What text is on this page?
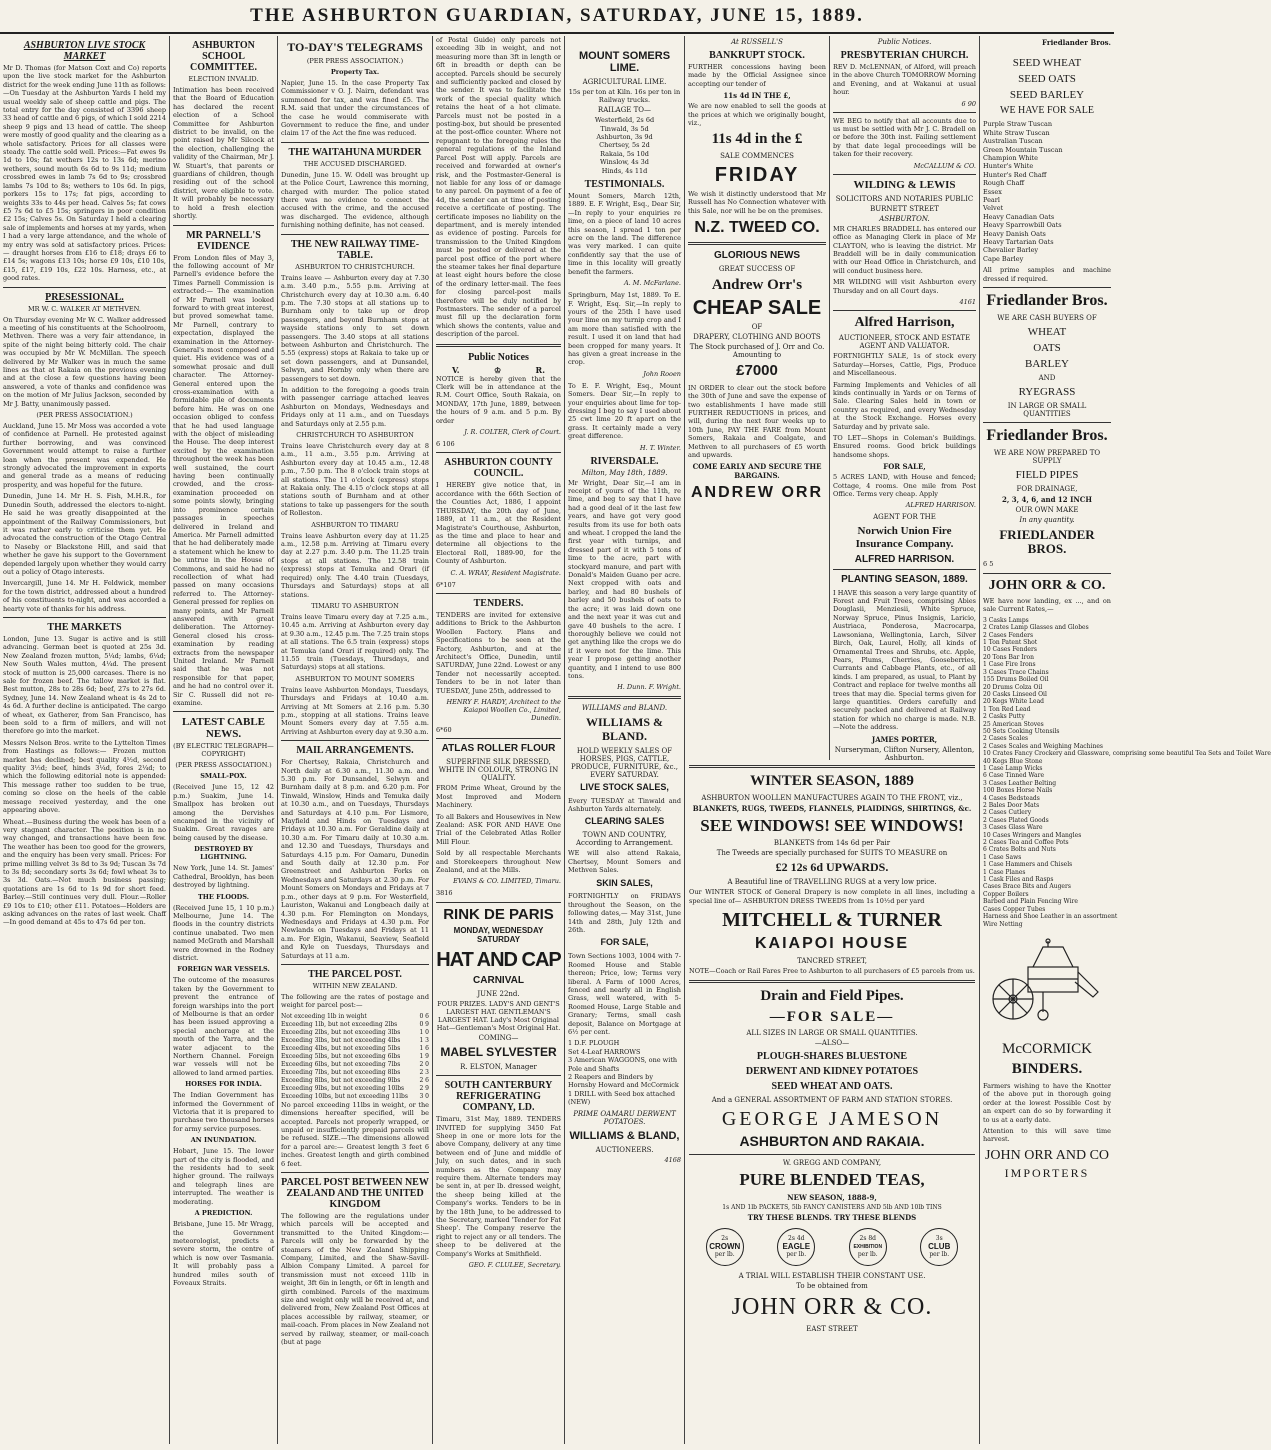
THE ASHBURTON GUARDIAN, SATURDAY, JUNE 15, 1889.
ASHBURTON LIVE STOCK MARKET

Mr D. Thomas (for Matson Coxt and Co) reports upon the live stock market for the Ashburton district for the week ending June 11th as follows:—On Tuesday at the Ashburton Yards I held my usual weekly sale of sheep cattle and pigs. The total entry for the day consisted of 3396 sheep 33 head of cattle and 6 pigs, of which I sold 2214 sheep 9 pigs and 13 head of cattle. The sheep were mostly of good quality and the clearing as a whole satisfactory. Prices for all classes were steady. The cattle sold well. Prices:—Fat ewes 9s 1d to 10s; fat wethers 12s to 13s 6d; merino wethers, sound mouth 6s 6d to 9s 11d; medium crossbred ewes in lamb 7s 6d to 9s; crossbred lambs 7s 10d to 8s; wethers to 10s 6d. In pigs, porkers 15s to 17s; fat pigs, according to weights 33s to 44s per head. Calves 5s; fat cows £5 7s 6d to £5 15s; springers in poor condition £2 15s; Calves 5s. On Saturday I held a clearing sale of implements and horses at my yards, when I had a very large attendance, and the whole of my entry was sold at satisfactory prices. Prices:— draught horses from £16 to £18; drays £6 to £14 5s; wagons £13 10s; horse £9 10s, £10 10s, £15, £17, £19 10s, £22 10s. Harness, etc., at good rates.

PRESESSIONAL.
MR W. C. WALKER AT METHVEN.

On Thursday evening Mr W. C. Walker addressed a meeting of his constituents at the Schoolroom, Methven. There was a very fair attendance, in spite of the night being bitterly cold. The chair was occupied by Mr W. McMillan. The speech delivered by Mr Walker was in much the same lines as that at Rakaia on the previous evening and at the close a few questions having been answered, a vote of thanks and confidence was on the motion of Mr Julius Jackson, seconded by Mr J. Batty, unanimously passed.

(PER PRESS ASSOCIATION.)

Auckland, June 15. Mr Moss was accorded a vote of confidence at Parnell. He protested against further borrowing, and was convinced Government would attempt to raise a further loan when the present was expended. He strongly advocated the improvement in exports and general trade as a means of reducing prosperity, and was hopeful for the future.

Dunedin, June 14. Mr H. S. Fish, M.H.R., for Dunedin South, addressed the electors to-night. He said he was greatly disappointed at the appointment of the Railway Commissioners, but it was rather early to criticise them yet. He advocated the construction of the Otago Central to Naseby or Blackstone Hill, and said that whether he gave his support to the Government depended largely upon whether they would carry out a policy of Otago interests.

Invercargill, June 14. Mr H. Feldwick, member for the town district, addressed about a hundred of his constituents to-night, and was accorded a hearty vote of thanks for his address.

THE MARKETS

London, June 13. Sugar is active and is still advancing. German beet is quoted at 25s 3d. New Zealand frozen mutton, 5¼d; lambs, 6¼d; New South Wales mutton, 4¼d. The present stock of mutton is 25,000 carcases. There is no sale for frozen beef. The tallow market is flat. Best mutton, 28s to 28s 6d; beef, 27s to 27s 6d. Sydney, June 14. New Zealand wheat is 4s 2d to 4s 6d. A further decline is anticipated. The cargo of wheat, ex Gatherer, from San Francisco, has been sold to a firm of millers, and will not therefore go into the market.

Messrs Nelson Bros. write to the Lyttelton Times from Hastings as follows:— Frozen mutton market has declined; best quality 4½d, second quality 3½d; beef, hinds 3¼d, fores 2¼d; to which the following editorial note is appended: This message rather too sudden to be true, coming so close on the heels of the cable message received yesterday, and the one appearing above.

Wheat.—Business during the week has been of a very stagnant character. The position is in no way changed, and transactions have been few. The weather has been too good for the growers, and the enquiry has been very small. Prices: For prime milling velvet 3s 8d to 3s 9d; Tuscan 3s 7d to 3s 8d; secondary sorts 3s 6d; fowl wheat 3s to 3s 3d. Oats.—Not much business passing; quotations are 1s 6d to 1s 9d for short feed. Barley.—Still continues very dull. Flour.—Roller £9 10s to £10; other £11. Potatoes—Holders are asking advances on the rates of last week. Chaff—In good demand at 45s to 47s 6d per ton.

ASHBURTON SCHOOL COMMITTEE.
ELECTION INVALID.

Intimation has been received that the Board of Education has declared the recent election of a School Committee for Ashburton district to be invalid, on the point raised by Mr Silcock at the election, challenging the validity of the Chairman, Mr J. W. Stuart's, that parents or guardians of children, though residing out of the school district, were eligible to vote. It will probably be necessary to hold a fresh election shortly.

MR PARNELL'S EVIDENCE

From London files of May 3, the following account of Mr Parnell's evidence before the Times Parnell Commission is extracted:— The examination of Mr Parnell was looked forward to with great interest, but proved somewhat tame. Mr Parnell, contrary to expectation, displayed the examination in the Attorney-General's most composed and quiet. His evidence was of a somewhat prosaic and dull character. The Attorney-General entered upon the cross-examination with a formidable pile of documents before him. He was on one occasion obliged to confess that he had used language with the object of misleading the House. The deep interest excited by the examination throughout the week has been well sustained, the court having been continually crowded, and the cross-examination proceeded on some points slowly, bringing into prominence certain passages in speeches delivered in Ireland and America. Mr Parnell admitted that he had deliberately made a statement which he knew to be untrue in the House of Commons, and said he had no recollection of what had passed on many occasions referred to. The Attorney-General pressed for replies on many points, and Mr Parnell answered with great deliberation. The Attorney-General closed his cross-examination by reading extracts from the newspaper United Ireland. Mr Parnell said that he was not responsible for that paper, and he had no control over it. Sir C. Russell did not re-examine.

LATEST CABLE NEWS.
(BY ELECTRIC TELEGRAPH—COPYRIGHT)
(PER PRESS ASSOCIATION.)
SMALL-POX.

(Received June 15, 12 42 p.m.) Suakim, June 14. Smallpox has broken out among the Dervishes encamped in the vicinity of Suakim. Great ravages are being caused by the disease.

DESTROYED BY LIGHTNING.

New York, June 14. St. James' Cathedral, Brooklyn, has been destroyed by lightning.

THE FLOODS.

(Received June 15, 1 10 p.m.) Melbourne, June 14. The floods in the country districts continue unabated. Two men named McGrath and Marshall were drowned in the Rodney district.

FOREIGN WAR VESSELS.

The outcome of the measures taken by the Government to prevent the entrance of foreign warships into the port of Melbourne is that an order has been issued approving a special anchorage at the mouth of the Yarra, and the water adjacent to the Northern Channel. Foreign war vessels will not be allowed to land armed parties.

HORSES FOR INDIA.

The Indian Government has informed the Government of Victoria that it is prepared to purchase two thousand horses for army service purposes.

AN INUNDATION.

Hobart, June 15. The lower part of the city is flooded, and the residents had to seek higher ground. The railways and telegraph lines are interrupted. The weather is moderating.

A PREDICTION.

Brisbane, June 15. Mr Wragg, the Government meteorologist, predicts a severe storm, the centre of which is now over Tasmania. It will probably pass a hundred miles south of Foveaux Straits.

TO-DAY'S TELEGRAMS
(PER PRESS ASSOCIATION.)
Property Tax.

Napier, June 15. In the case Property Tax Commissioner v O. J. Nairn, defendant was summoned for tax, and was fined £5. The R.M. said that under the circumstances of the case he would commiserate with Government to reduce the fine, and under claim 17 of the Act the fine was reduced.

THE WAITAHUNA MURDER
THE ACCUSED DISCHARGED.

Dunedin, June 15. W. Odell was brought up at the Police Court, Lawrence this morning, charged with murder. The police stated there was no evidence to connect the accused with the crime, and the accused was discharged. The evidence, although furnishing nothing definite, has not ceased.

THE NEW RAILWAY TIME-TABLE.
ASHBURTON TO CHRISTCHURCH.

Trains leave — Ashburton every day at 7.30 a.m. 3.40 p.m., 5.55 p.m. Arriving at Christchurch every day at 10.30 a.m. 6.40 p.m. The 7.30 stops at all stations up to Burnham only to take up or drop passengers, and beyond Burnham stops at wayside stations only to set down passengers. The 3.40 stops at all stations between Ashburton and Christchurch. The 5.55 (express) stops at Rakaia to take up or set down passengers, and at Dunsandel, Selwyn, and Hornby only when there are passengers to set down.

In addition to the foregoing a goods train with passenger carriage attached leaves Ashburton on Mondays, Wednesdays and Fridays only at 11 a.m., and on Tuesdays and Saturdays only at 2.55 p.m.

CHRISTCHURCH TO ASHBURTON

Trains leave Christchurch every day at 8 a.m., 11 a.m., 3.55 p.m. Arriving at Ashburton every day at 10.45 a.m., 12.48 p.m., 7.50 p.m. The 8 o'clock train stops at all stations. The 11 o'clock (express) stops at Rakaia only. The 4.15 o'clock stops at all stations south of Burnham and at other stations to take up passengers for the south of Rolleston.

ASHBURTON TO TIMARU

Trains leave Ashburton every day at 11.25 a.m., 12.58 p.m. Arriving at Timaru every day at 2.27 p.m. 3.40 p.m. The 11.25 train stops at all stations. The 12.58 train (express) stops at Temuka and Orari (if required) only. The 4.40 train (Tuesdays, Thursdays and Saturdays) stops at all stations.

TIMARU TO ASHBURTON

Trains leave Timaru every day at 7.25 a.m., 10.45 a.m. Arriving at Ashburton every day at 9.30 a.m., 12.45 p.m. The 7.25 train stops at all stations. The 6.5 train (express) stops at Temuka (and Orari if required) only. The 11.55 train (Tuesdays, Thursdays, and Saturdays) stops at all stations.

ASHBURTON TO MOUNT SOMERS

Trains leave Ashburton Mondays, Tuesdays, Thursdays and Fridays at 10.40 a.m. Arriving at Mt Somers at 2.16 p.m. 5.30 p.m., stopping at all stations. Trains leave Mount Somers every day at 7.55 a.m. Arriving at Ashburton every day at 9.30 a.m.

MAIL ARRANGEMENTS.

For Chertsey, Rakaia, Christchurch and North daily at 6.30 a.m., 11.30 a.m. and 5.30 p.m. For Dunsandel, Selwyn and Burnham daily at 8 p.m. and 6.20 p.m. For Tinwald, Winslow, Hinds and Temuka daily at 10.30 a.m., and on Tuesdays, Thursdays and Saturdays at 4.10 p.m. For Lismore, Mayfield and Hinds on Tuesdays and Fridays at 10.30 a.m. For Geraldine daily at 10.30 a.m. For Timaru daily at 10.30 a.m. and 12.30 and Tuesdays, Thursdays and Saturdays 4.15 p.m. For Oamaru, Dunedin and South daily at 12.30 p.m. For Greenstreet and Ashburton Forks on Wednesdays and Saturdays at 2.30 p.m. For Mount Somers on Mondays and Fridays at 7 p.m., other days at 9 p.m. For Westerfield, Lauriston, Wakanui and Longbeach daily at 4.30 p.m. For Flemington on Mondays, Wednesdays and Fridays at 4.30 p.m. For Newlands on Tuesdays and Fridays at 11 a.m. For Elgin, Wakanui, Seaview, Seafield and Kyle on Tuesdays, Thursdays and Saturdays at 11 a.m.

THE PARCEL POST.
WITHIN NEW ZEALAND.

The following are the rates of postage and weight for parcel post:—

Not exceeding 1lb in weight	0 6
Exceeding 1lb, but not exceeding 2lbs	0 9
Exceeding 2lbs, but not exceeding 3lbs	1 0
Exceeding 3lbs, but not exceeding 4lbs	1 3
Exceeding 4lbs, but not exceeding 5lbs	1 6
Exceeding 5lbs, but not exceeding 6lbs	1 9
Exceeding 6lbs, but not exceeding 7lbs	2 0
Exceeding 7lbs, but not exceeding 8lbs	2 3
Exceeding 8lbs, but not exceeding 9lbs	2 6
Exceeding 9lbs, but not exceeding 10lbs	2 9
Exceeding 10lbs, but not exceeding 11lbs	3 0

No parcel exceeding 11lbs in weight, or the dimensions hereafter specified, will be accepted. Parcels not properly wrapped, or unpaid or insufficiently prepaid parcels will be refused. SIZE.—The dimensions allowed for a parcel are:— Greatest length 3 feet 6 inches. Greatest length and girth combined 6 feet.

PARCEL POST BETWEEN NEW ZEALAND AND THE UNITED KINGDOM

The following are the regulations under which parcels will be accepted and transmitted to the United Kingdom:— Parcels will only be forwarded by the steamers of the New Zealand Shipping Company, Limited, and the Shaw-Savill-Albion Company Limited. A parcel for transmission must not exceed 11lb in weight, 3ft 6in in length, or 6ft in length and girth combined. Parcels of the maximum size and weight only will be received at, and delivered from, New Zealand Post Offices at places accessible by railway, steamer, or mail-coach. From places in New Zealand not served by railway, steamer, or mail-coach (but at page

of Postal Guide) only parcels not exceeding 3lb in weight, and not measuring more than 3ft in length or 6ft in breadth or depth can be accepted. Parcels should be securely and sufficiently packed and closed by the sender. It was to facilitate the work of the special quality which retains the heat of a hot climate. Parcels must not be posted in a posting-box, but should be presented at the post-office counter. Where not repugnant to the foregoing rules the general regulations of the Inland Parcel Post will apply. Parcels are received and forwarded at owner's risk, and the Postmaster-General is not liable for any loss of or damage to any parcel. On payment of a fee of 4d, the sender can at time of posting receive a certificate of posting. The certificate imposes no liability on the department, and is merely intended as evidence of posting. Parcels for transmission to the United Kingdom must be posted or delivered at the parcel post office of the port where the steamer takes her final departure at least eight hours before the close of the ordinary letter-mail. The fees for closing parcel-post mails therefore will be duly notified by Postmasters. The sender of a parcel must fill up the declaration form which shows the contents, value and description of the parcel.

Public Notices
V.	♔	R.

NOTICE is hereby given that the Clerk will be in attendance at the R.M. Court Office, South Rakaia, on MONDAY, 17th June, 1889, between the hours of 9 a.m. and 5 p.m. By order

J. R. COLTER, Clerk of Court.
6 106
ASHBURTON COUNTY COUNCIL.

I HEREBY give notice that, in accordance with the 66th Section of the Counties Act, 1886, I appoint THURSDAY, the 20th day of June, 1889, at 11 a.m., at the Resident Magistrate's Courthouse, Ashburton, as the time and place to hear and determine all objections to the Electoral Roll, 1889-90, for the County of Ashburton.

C. A. WRAY, Resident Magistrate.
6*107
TENDERS.

TENDERS are invited for extensive additions to Brick to the Ashburton Woollen Factory. Plans and Specifications to be seen at the Factory, Ashburton, and at the Architect's Office, Dunedin, until SATURDAY, June 22nd. Lowest or any Tender not necessarily accepted. Tenders to be in not later than TUESDAY, June 25th, addressed to

HENRY F. HARDY, Architect to the Kaiapoi Woollen Co., Limited, Dunedin.
6*60
ATLAS ROLLER FLOUR
SUPERFINE SILK DRESSED, WHITE IN COLOUR, STRONG IN QUALITY.

FROM Prime Wheat, Ground by the Most Improved and Modern Machinery.

To all Bakers and Housewives in New Zealand: ASK FOR AND HAVE One Trial of the Celebrated Atlas Roller Mill Flour.

Sold by all respectable Merchants and Storekeepers throughout New Zealand, and at the Mills.

EVANS & CO. LIMITED, Timaru.
3816
RINK DE PARIS
MONDAY, WEDNESDAY SATURDAY
HAT AND CAP
CARNIVAL
JUNE 22nd.
FOUR PRIZES. LADY'S AND GENT'S LARGEST HAT. GENTLEMAN'S LARGEST HAT. Lady's Most Original Hat—Gentleman's Most Original Hat.
COMING—
MABEL SYLVESTER
R. ELSTON, Manager
SOUTH CANTERBURY REFRIGERATING COMPANY, LD.

Timaru, 31st May, 1889. TENDERS INVITED for supplying 3450 Fat Sheep in one or more lots for the above Company, delivery at any time between end of June and middle of July, on such dates, and in such numbers as the Company may require them. Alternate tenders may be sent in, at per lb. dressed weight, the sheep being killed at the Company's works. Tenders to be in by the 18th June, to be addressed to the Secretary, marked 'Tender for Fat Sheep'. The Company reserve the right to reject any or all tenders. The sheep to be delivered at the Company's Works at Smithfield.

GEO. F. CLULEE, Secretary.
MOUNT SOMERS LIME.
AGRICULTURAL LIME.
15s per ton at Kiln. 16s per ton in Railway trucks.
RAILAGE TO—
Westerfield, 2s 6d
Tinwald, 3s 5d
Ashburton, 3s 9d
Chertsey, 5s 2d
Rakaia, 5s 10d
Winslow, 4s 3d
Hinds, 4s 11d
TESTIMONIALS.

Mount Somers, March 12th, 1889. E. F. Wright, Esq., Dear Sir,—In reply to your enquiries re lime, on a piece of land 10 acres this season, I spread 1 ton per acre on the land. The difference was very marked. I can quite confidently say that the use of lime in this locality will greatly benefit the farmers.

A. M. McFarlane.

Springburn, May 1st, 1889. To E. F. Wright, Esq. Sir,—In reply to yours of the 25th I have used your lime on my turnip crop and I am more than satisfied with the result. I used it on land that had been cropped for many years. It has given a great increase in the crop.

John Rooen

To E. F. Wright, Esq., Mount Somers. Dear Sir,—In reply to your enquiries about lime for top-dressing I beg to say I used about 25 cwt lime 20 ft apart on the grass. It certainly made a very great difference.

H. T. Winter.
RIVERSDALE.
Milton, May 18th, 1889.

Mr Wright, Dear Sir,—I am in receipt of yours of the 11th, re lime, and beg to say that I have had a good deal of it the last few years, and have got very good results from its use for both oats and wheat. I cropped the land the first year with turnips, and dressed part of it with 5 tons of lime to the acre, part with stockyard manure, and part with Donald's Maiden Guano per acre. Next cropped with oats and barley, and had 80 bushels of barley and 50 bushels of oats to the acre; it was laid down one and the next year it was cut and gave 40 bushels to the acre. I thoroughly believe we could not get anything like the crops we do if it were not for the lime. This year I propose getting another quantity, and I intend to use 800 tons.

H. Dunn. F. Wright.
WILLIAMS and BLAND.
WILLIAMS & BLAND.
HOLD WEEKLY SALES OF HORSES, PIGS, CATTLE, PRODUCE, FURNITURE, &c., EVERY SATURDAY.
LIVE STOCK SALES,

Every TUESDAY at Tinwald and Ashburton Yards alternately.

CLEARING SALES
TOWN AND COUNTRY, According to Arrangement.

WE will also attend Rakaia, Chertsey, Mount Somers and Methven Sales.

SKIN SALES,

FORTNIGHTLY on FRIDAYS throughout the Season, on the following dates,— May 31st, June 14th and 28th, July 12th and 26th.

FOR SALE,

Town Sections 1003, 1004 with 7-Roomed House and Stable thereon; Price, low; Terms very liberal. A Farm of 1000 Acres, fenced and nearly all in English Grass, well watered, with 5-Roomed House, Large Stable and Granary; Terms, small cash deposit, Balance on Mortgage at 6½ per cent.

1 D.F. PLOUGH
Set 4-Leaf HARROWS
3 American WAGGONS, one with Pole and Shafts
2 Reapers and Binders by Hornsby Howard and McCormick
1 DRILL with Seed box attached (NEW)
PRIME OAMARU DERWENT POTATOES.
WILLIAMS & BLAND,
AUCTIONEERS.
4168
At RUSSELL'S
BANKRUPT STOCK.

FURTHER concessions having been made by the Official Assignee since accepting our tender of

11s 4d IN THE £,

We are now enabled to sell the goods at the prices at which we originally bought, viz.,

11s 4d in the £
SALE COMMENCES
FRIDAY

We wish it distinctly understood that Mr Russell has No Connection whatever with this Sale, nor will he be on the premises.

N.Z. TWEED CO.
GLORIOUS NEWS
GREAT SUCCESS OF
Andrew Orr's
CHEAP SALE
OF
DRAPERY, CLOTHING AND BOOTS
The Stock purchased of J. Orr and Co. Amounting to
£7000

IN ORDER to clear out the stock before the 30th of June and save the expense of two establishments I have made still FURTHER REDUCTIONS in prices, and will, during the next four weeks up to 10th June, PAY THE FARE from Mount Somers, Rakaia and Coalgate, and Methven to all purchasers of £5 worth and upwards.

COME EARLY AND SECURE THE BARGAINS.
ANDREW ORR
WINTER SEASON, 1889
ASHBURTON WOOLLEN MANUFACTURES AGAIN TO THE FRONT, viz.,
BLANKETS, RUGS, TWEEDS, FLANNELS, PLAIDINGS, SHIRTINGS, &c.
SEE WINDOWS! SEE WINDOWS!
BLANKETS from 14s 6d per Pair
The Tweeds are specially purchased for SUITS TO MEASURE on
£2 12s 6d UPWARDS.
A Beautiful line of TRAVELLING RUGS at a very low price.

Our WINTER STOCK of General Drapery is now complete in all lines, including a special line of— ASHBURTON DRESS TWEEDS from 1s 10½d per yard

MITCHELL & TURNER
KAIAPOI HOUSE
TANCRED STREET,

NOTE—Coach or Rail Fares Free to Ashburton to all purchasers of £5 parcels from us.

Drain and Field Pipes.
—FOR SALE—
ALL SIZES IN LARGE OR SMALL QUANTITIES.
—ALSO—
PLOUGH-SHARES BLUESTONE
DERWENT AND KIDNEY POTATOES
SEED WHEAT AND OATS.
And a GENERAL ASSORTMENT OF FARM AND STATION STORES.
GEORGE JAMESON
ASHBURTON AND RAKAIA.
W. GREGG AND COMPANY,
PURE BLENDED TEAS,
NEW SEASON, 1888-9,
1s AND 1lb PACKETS, 5lb FANCY CANISTERS AND 5lb AND 10lb TINS
TRY THESE BLENDS. TRY THESE BLENDS
2s
CROWN
per lb.
2s 4d
EAGLE
per lb.
2s 8d
EXHIBITION
per lb.
3s
CLUB
per lb.
A TRIAL WILL ESTABLISH THEIR CONSTANT USE.
To be obtained from
JOHN ORR & CO.
EAST STREET
Public Notices.
PRESBYTERIAN CHURCH.

REV D. McLENNAN, of Alford, will preach in the above Church TOMORROW Morning and Evening, and at Wakanui at usual hour.

6 90

WE BEG to notify that all accounts due to us must be settled with Mr J. C. Bradell on or before the 30th inst. Failing settlement by that date legal proceedings will be taken for their recovery.

McCALLUM & CO.
WILDING & LEWIS
SOLICITORS AND NOTARIES PUBLIC
BURNETT STREET
ASHBURTON.

MR CHARLES BRADDELL has entered our office as Managing Clerk in place of Mr CLAYTON, who is leaving the district. Mr Braddell will be in daily communication with our Head Office in Christchurch, and will conduct business here.

MR WILDING will visit Ashburton every Thursday and on all Court days.

4161
Alfred Harrison,
AUCTIONEER, STOCK AND ESTATE AGENT AND VALUATOR.

FORTNIGHTLY SALE, 1s of stock every Saturday—Horses, Cattle, Pigs, Produce and Miscellaneous.

Farming Implements and Vehicles of all kinds continually in Yards or on Terms of Sale. Clearing Sales held in town or country as required, and every Wednesday at the Stock Exchange. Horses every Saturday and by private sale.

TO LET—Shops in Coleman's Buildings. Ensured rooms. Good brick buildings handsome shops.

FOR SALE,

5 ACRES LAND, with House and fenced; Cottage, 4 rooms. One mile from Post Office. Terms very cheap. Apply

ALFRED HARRISON.
AGENT FOR THE
Norwich Union Fire Insurance Company.
ALFRED HARRISON.
PLANTING SEASON, 1889.

I HAVE this season a very large quantity of Forest and Fruit Trees, comprising Abies Douglasii, Menziesii, White Spruce, Norway Spruce, Pinus Insignis, Laricio, Austriaca, Ponderosa, Macrocarpa, Lawsoniana, Wellingtonia, Larch, Silver Birch, Oak, Laurel, Holly, all kinds of Ornamental Trees and Shrubs, etc. Apple, Pears, Plums, Cherries, Gooseberries, Currants and Cabbage Plants, etc., of all kinds. I am prepared, as usual, to Plant by Contract and replace for twelve months all trees that may die. Special terms given for large quantities. Orders carefully and securely packed and delivered at Railway station for which no charge is made. N.B.—Note the address.

JAMES PORTER,
Nurseryman, Clifton Nursery, Allenton, Ashburton.
Friedlander Bros.
SEED WHEAT
SEED OATS
SEED BARLEY
WE HAVE FOR SALE
Purple Straw Tuscan
White Straw Tuscan
Australian Tuscan
Green Mountain Tuscan
Champion White
Hunter's White
Hunter's Red Chaff
Rough Chaff
Essex
Pearl
Velvet
Heavy Canadian Oats
Heavy Sparrowbill Oats
Heavy Danish Oats
Heavy Tartarian Oats
Chevalier Barley
Cape Barley

All prime samples and machine dressed if required.

Friedlander Bros.
WE ARE CASH BUYERS OF
WHEAT
OATS
BARLEY
AND
RYEGRASS
IN LARGE OR SMALL QUANTITIES
Friedlander Bros.
WE ARE NOW PREPARED TO SUPPLY
FIELD PIPES
FOR DRAINAGE,
2, 3, 4, 6, and 12 INCH
OUR OWN MAKE
In any quantity.
FRIEDLANDER BROS.
6 5
JOHN ORR & CO.

WE have now landing, ex ..., and on sale Current Rates,—

3 Casks Lamps
2 Crates Lamp Glasses and Globes
2 Cases Fenders
1 Ton Patent Shot
10 Cases Fenders
20 Tons Bar Iron
1 Case Fire Irons
3 Cases Trace Chains
155 Drums Boiled Oil
20 Drums Colza Oil
20 Casks Linseed Oil
20 Kegs White Lead
1 Ton Red Lead
2 Casks Putty
25 American Stoves
50 Sets Cooking Utensils
2 Cases Scales
2 Cases Scales and Weighing Machines
10 Crates Fancy Crockery and Glassware, comprising some beautiful Tea Sets and Toilet Ware
40 Kegs Blue Stone
1 Case Lamp Wicks
6 Case Tinned Ware
3 Cases Leather Belting
100 Boxes Horse Nails
4 Cases Bedsteads
2 Bales Door Mats
2 Cases Cutlery
2 Cases Plated Goods
3 Cases Glass Ware
10 Cases Wringers and Mangles
2 Cases Tea and Coffee Pots
6 Crates Bolts and Nuts
1 Case Saws
1 Case Hammers and Chisels
1 Case Planes
1 Cask Files and Rasps
Cases Brace Bits and Augers
Copper Boilers
Barbed and Plain Fencing Wire
Cases Copper Tubes
Harness and Shoe Leather in an assortment
Wire Netting
McCORMICK
BINDERS.

Farmers wishing to have the Knotter of the above put in thorough going order at the lowest Possible Cost by an expert can do so by forwarding it to us at a early date.

Attention to this will save time harvest.

JOHN ORR AND CO
IMPORTERS
